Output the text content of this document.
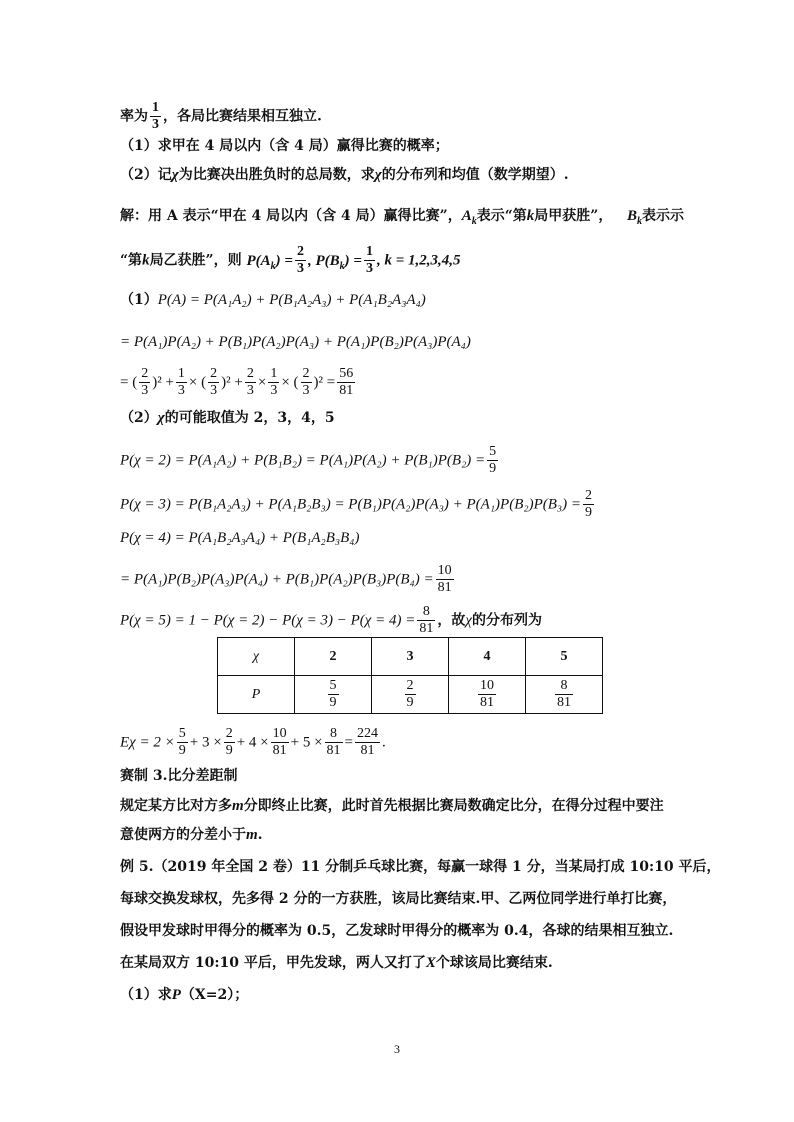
率为 $\frac{1}{3}$ ，各局比赛结果相互独立.
（1）求甲在 4 局以内（含 4 局）赢得比赛的概率；
（2）记χ为比赛决出胜负时的总局数，求χ的分布列和均值（数学期望）.
解：用 A 表示“甲在 4 局以内（含 4 局）赢得比赛”，$A_k$表示“第k局甲获胜”， $B_k$表示示
“第k局乙获胜”，则 $P(A_k) = \frac{2}{3}$ , $P(B_k) = \frac{1}{3}$ , k = 1,2,3,4,5
（1）P(A) = P(A₁A₂) + P(B₁A₂A₃) + P(A₁B₂A₃A₄)
= P(A₁)P(A₂) + P(B₁)P(A₂)P(A₃) + P(A₁)P(B₂)P(A₃)P(A₄)
= ( $\frac{2}{3} )^2 + \frac{1}{3}$ × ( $\frac{2}{3} )^2 + \frac{2}{3} \times \frac{1}{3}$ × ( $\frac{2}{3} )^2 = \frac{56}{81}$
（2）χ的可能取值为 2，3，4，5
$P(\chi = 2) = P(A_1A_2) + P(B_1B_2) = P(A_1)P(A_2) + P(B_1)P(B_2) = \frac{5}{9}$
$P(\chi = 3) = P(B_1A_2A_3) + P(A_1B_2B_3) = P(B_1)P(A_2)P(A_3) + P(A_1)P(B_2)P(B_3) = \frac{2}{9}$
P(χ = 4) = P(A₁B₂A₃A₄) + P(B₁A₂B₃B₄)
= $P(A_1)P(B_2)P(A_3)P(A_4) + P(B_1)P(A_2)P(B_3)P(B_4) = \frac{10}{81}$
$P(\chi = 5) = 1 - P(\chi = 2) - P(\chi = 3) - P(\chi = 4) = \frac{8}{81}$ ，故χ的分布列为
χ	2	3	4	5
P	$\frac{5}{9}$	$\frac{2}{9}$	$\frac{10}{81}$	$\frac{8}{81}$
$E\chi = 2 \times \frac{5}{9} + 3 \times \frac{2}{9} + 4 \times \frac{10}{81} + 5 \times \frac{8}{81} = \frac{224}{81}$ .
赛制 3.比分差距制
规定某方比对方多m分即终止比赛，此时首先根据比赛局数确定比分，在得分过程中要注
意使两方的分差小于m.
例 5.（2019 年全国 2 卷）11 分制乒乓球比赛，每赢一球得 1 分，当某局打成 10:10 平后，
每球交换发球权，先多得 2 分的一方获胜，该局比赛结束.甲、乙两位同学进行单打比赛，
假设甲发球时甲得分的概率为 0.5，乙发球时甲得分的概率为 0.4，各球的结果相互独立.
在某局双方 10:10 平后，甲先发球，两人又打了X个球该局比赛结束.
（1）求P（X=2）；
3
